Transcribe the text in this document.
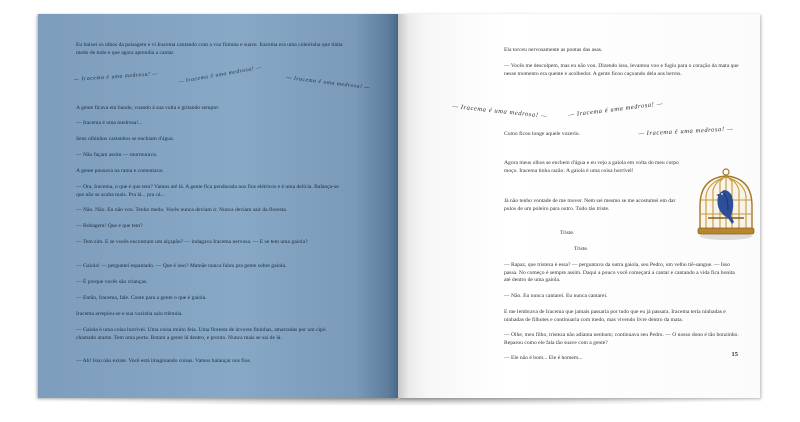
Eu baixei os olhos da paisagem e vi Iracema cantando com a voz fininha e suave. Iracema era uma coleirinha que tinha medo de tudo e que agora aprendia a cantar.

— Iracema é uma medrosa! —	— Iracema é uma medrosa! —	— Iracema é uma medrosa! —

A gente ficava em bando, voando à sua volta e gritando sempre:

— Iracema é uma medrosa!...

Seus olhinhos castanhos se enchiam d'água.

— Não façam assim — murmurava.

A gente pousava na rama e comentava:

— Ora, Iracema, o que é que tem? Vamos até lá. A gente fica pendurada nos fios elétricos e é uma delícia. Balança-se que não se acaba mais. Pra lá... pra cá...

— Não. Não. Eu não vou. Tenho medo. Vocês nunca deviam ir. Nunca deviam sair da floresta.

— Bobagem! Que é que tem?

— Tem sim. E se vocês encontram um alçapão? — indagava Iracema nervosa. — E se tem uma gaiola?

— Gaiola! — perguntei espantado. — Que é isso? Mamãe nunca falou pra gente sobre gaiola.

— É porque vocês são crianças.

— Então, Iracema, fale. Conte para a gente o que é gaiola.

Iracema arrepiou-se e sua vozinha saiu trêmula.

— Gaiola é uma coisa horrível. Uma coisa muito feia. Uma floresta de árvores fininhas, amarradas por um cipó chamado arame. Tem uma porta. Botam a gente lá dentro, e pronto. Nunca mais se sai de lá.

— Ah! Isso não existe. Você está imaginando coisas. Vamos balançar nos fios.

Ela torceu nervosamente as pontas das asas.

— Vocês me desculpem, mas eu não vou. Dizendo isso, levantou voo e fugiu para o coração da mata que nesse momento era quente e acolhedor. A gente ficou caçoando dela aos berros.

— Iracema é uma medrosa! —	— Iracema é uma medrosa! —
— Iracema é uma medrosa! —

Como ficou longe aquele vozerio.

Agora meus olhos se enchem d'água e eu vejo a gaiola em volta do meu corpo moço. Iracema tinha razão: A gaiola é uma coisa horrível!

Já não tenho vontade de me mover. Nem sei mesmo se me acostumei em dar pulos de um poleiro para outro. Tudo tão triste.

Triste.

Triste.

— Rapaz, que tristeza é essa? — perguntava da outra gaiola, seu Pedro, um velho tiê-sangue. — Isso passa. No começo é sempre assim. Daqui a pouco você começará a cantar e cantando a vida fica bonita até dentro de uma gaiola.

— Não. Eu nunca cantarei. Eu nunca cantarei.

E me lembrava de Iracema que jamais passaria por tudo que eu já passara. Iracema teria ninhadas e ninhadas de filhotes e continuaria com medo, mas vivendo livre dentro da mata.

— Olhe, meu filho, tristeza não adianta nenhum; continuava seu Pedro. — O nosso dono é tão bonzinho. Reparou como ele fala tão suave com a gente?

— Ele não é bom... Ele é homem...	15
